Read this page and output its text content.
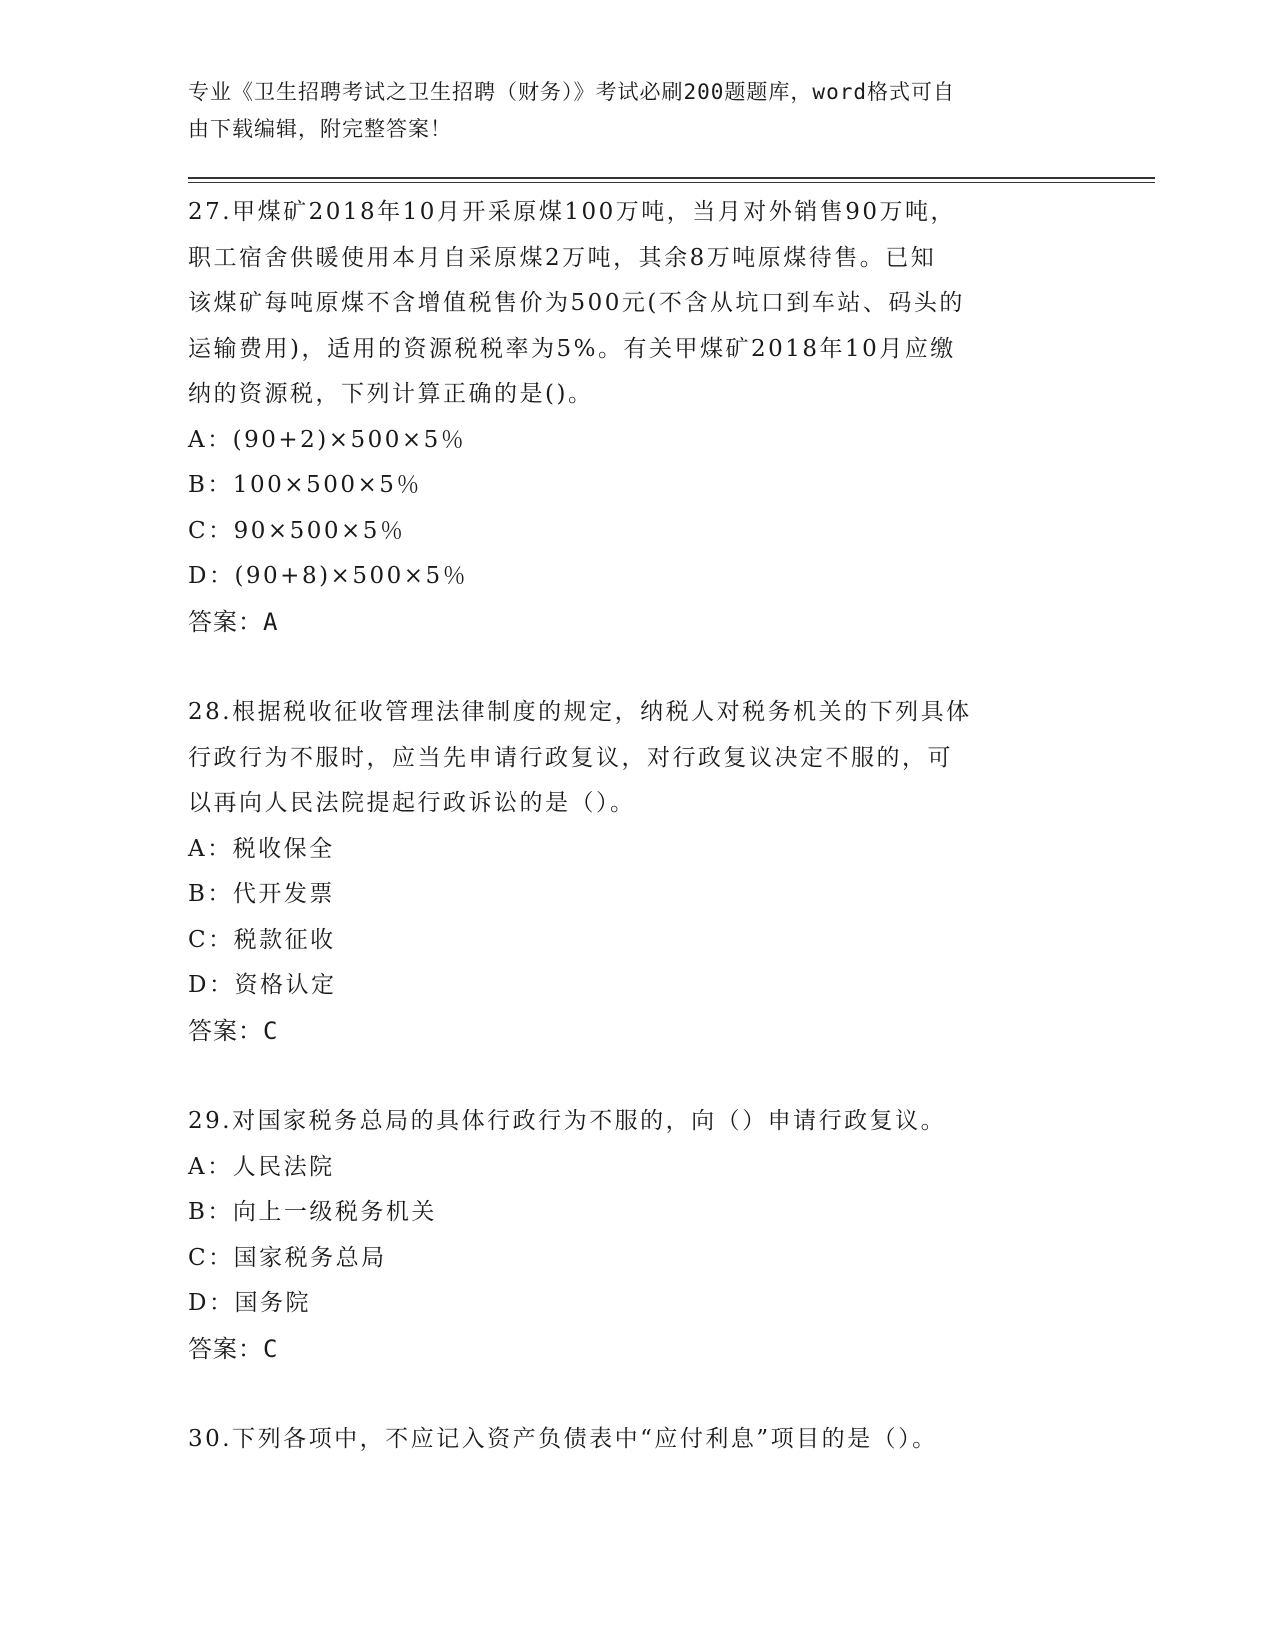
专业《卫生招聘考试之卫生招聘（财务）》考试必刷200题题库，word格式可自
由下载编辑，附完整答案！
27.甲煤矿2018年10月开采原煤100万吨，当月对外销售90万吨，
职工宿舍供暖使用本月自采原煤2万吨，其余8万吨原煤待售。已知
该煤矿每吨原煤不含增值税售价为500元(不含从坑口到车站、码头的
运输费用)，适用的资源税税率为5%。有关甲煤矿2018年10月应缴
纳的资源税，下列计算正确的是()。
A：(90+2)×500×5％
B：100×500×5％
C：90×500×5％
D：(90+8)×500×5％
答案：A
28.根据税收征收管理法律制度的规定，纳税人对税务机关的下列具体
行政行为不服时，应当先申请行政复议，对行政复议决定不服的，可
以再向人民法院提起行政诉讼的是（）。
A：税收保全
B：代开发票
C：税款征收
D：资格认定
答案：C
29.对国家税务总局的具体行政行为不服的，向（）申请行政复议。
A：人民法院
B：向上一级税务机关
C：国家税务总局
D：国务院
答案：C
30.下列各项中，不应记入资产负债表中“应付利息”项目的是（）。
